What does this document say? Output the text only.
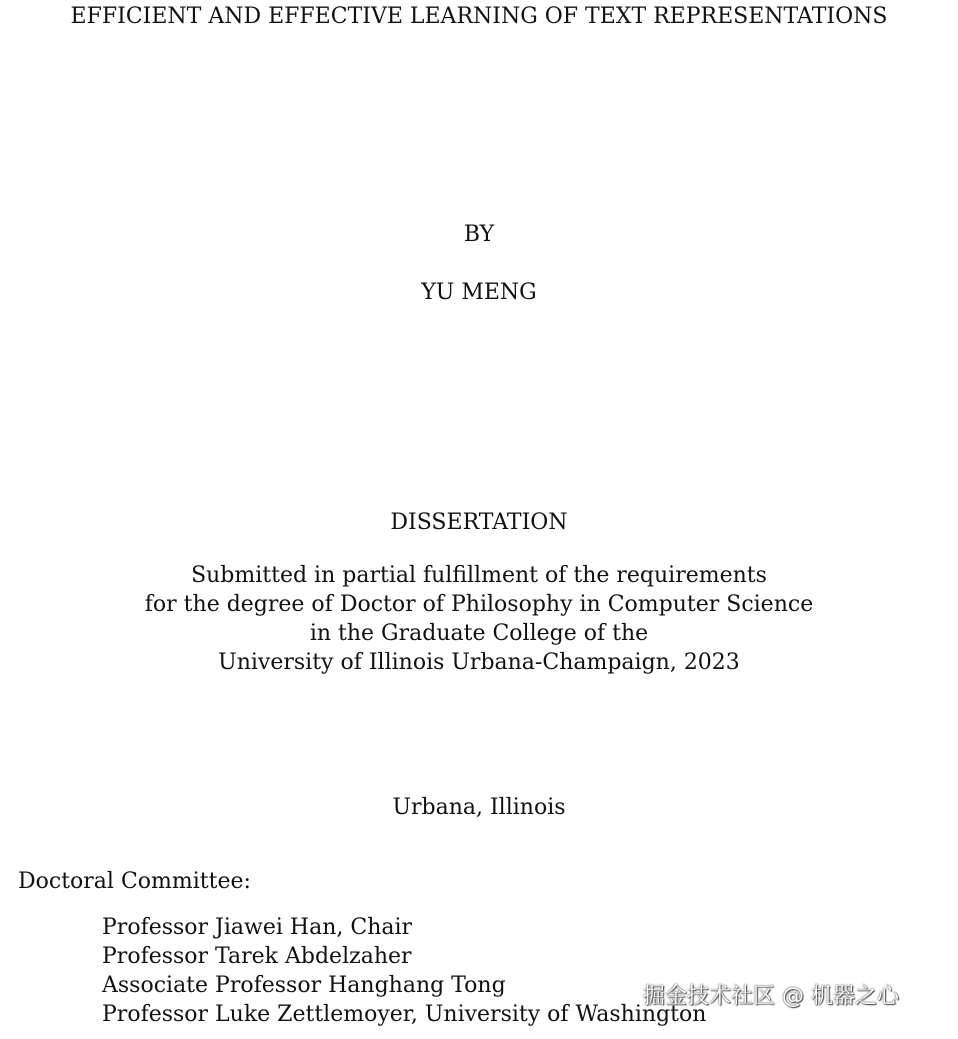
EFFICIENT AND EFFECTIVE LEARNING OF TEXT REPRESENTATIONS
BY
YU MENG
DISSERTATION
Submitted in partial fulfillment of the requirements
for the degree of Doctor of Philosophy in Computer Science
in the Graduate College of the
University of Illinois Urbana-Champaign, 2023
Urbana, Illinois
Doctoral Committee:
Professor Jiawei Han, Chair
Professor Tarek Abdelzaher
Associate Professor Hanghang Tong
Professor Luke Zettlemoyer, University of Washington
掘金技术社区 @ 机器之心
